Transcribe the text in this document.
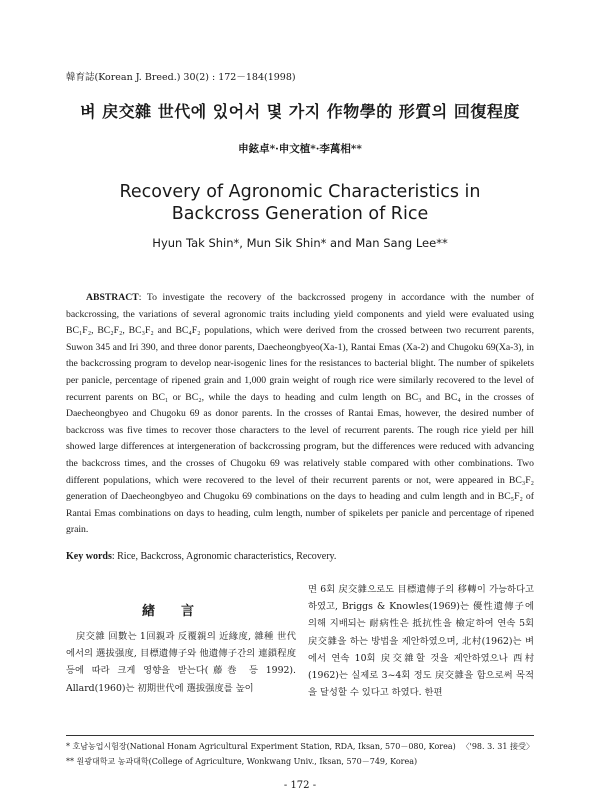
韓育誌(Korean J. Breed.) 30(2) : 172－184(1998)
벼 戻交雜 世代에 있어서 몇 가지 作物學的 形質의 回復程度
申鉉卓*·申文植*·李萬相**
Recovery of Agronomic Characteristics in
Backcross Generation of Rice
Hyun Tak Shin*, Mun Sik Shin* and Man Sang Lee**
ABSTRACT: To investigate the recovery of the backcrossed progeny in accordance with the number of backcrossing, the variations of several agronomic traits including yield components and yield were evaluated using BC₁F₂, BC₂F₂, BC₃F₂ and BC₄F₂ populations, which were derived from the crossed between two recurrent parents, Suwon 345 and Iri 390, and three donor parents, Daecheongbyeo(Xa-1), Rantai Emas (Xa-2) and Chugoku 69(Xa-3), in the backcrossing program to develop near-isogenic lines for the resistances to bacterial blight. The number of spikelets per panicle, percentage of ripened grain and 1,000 grain weight of rough rice were similarly recovered to the level of recurrent parents on BC₁ or BC₂, while the days to heading and culm length on BC₃ and BC₄ in the crosses of Daecheongbyeo and Chugoku 69 as donor parents. In the crosses of Rantai Emas, however, the desired number of backcross was five times to recover those characters to the level of recurrent parents. The rough rice yield per hill showed large differences at intergeneration of backcrossing program, but the differences were reduced with advancing the backcross times, and the crosses of Chugoku 69 was relatively stable compared with other combinations. Two different populations, which were recovered to the level of their recurrent parents or not, were appeared in BC₃F₂ generation of Daecheongbyeo and Chugoku 69 combinations on the days to heading and culm length and in BC₅F₂ of Rantai Emas combinations on days to heading, culm length, number of spikelets per panicle and percentage of ripened grain.
Key words: Rice, Backcross, Agronomic characteristics, Recovery.
緖言
戻交雜 回數는 1回親과 反覆親의 近緣度, 雜種 世代에서의 選拔强度, 目標遺傳子와 他遺傳子간의 連鎖程度 등에 따라 크게 영향을 받는다(藤巻 등 1992). Allard(1960)는 初期世代에 選拔强度를 높이
면 6회 戻交雜으로도 目標遺傳子의 移轉이 가능하다고 하였고, Briggs & Knowles(1969)는 優性遺傳子에 의해 지배되는 耐病性은 抵抗性을 檢定하여 연속 5회 戻交雜을 하는 방법을 제안하였으며, 北村(1962)는 벼에서 연속 10회 戻交雜할 것을 제안하였으나 西村(1962)는 실제로 3~4회 정도 戻交雜을 함으로써 목적을 달성할 수 있다고 하였다. 한편
* 호남농업시험장(National Honam Agricultural Experiment Station, RDA, Iksan, 570－080, Korea)
** 원광대학교 농과대학(College of Agriculture, Wonkwang Univ., Iksan, 570－749, Korea)
〈'98. 3. 31 接受〉
- 172 -
